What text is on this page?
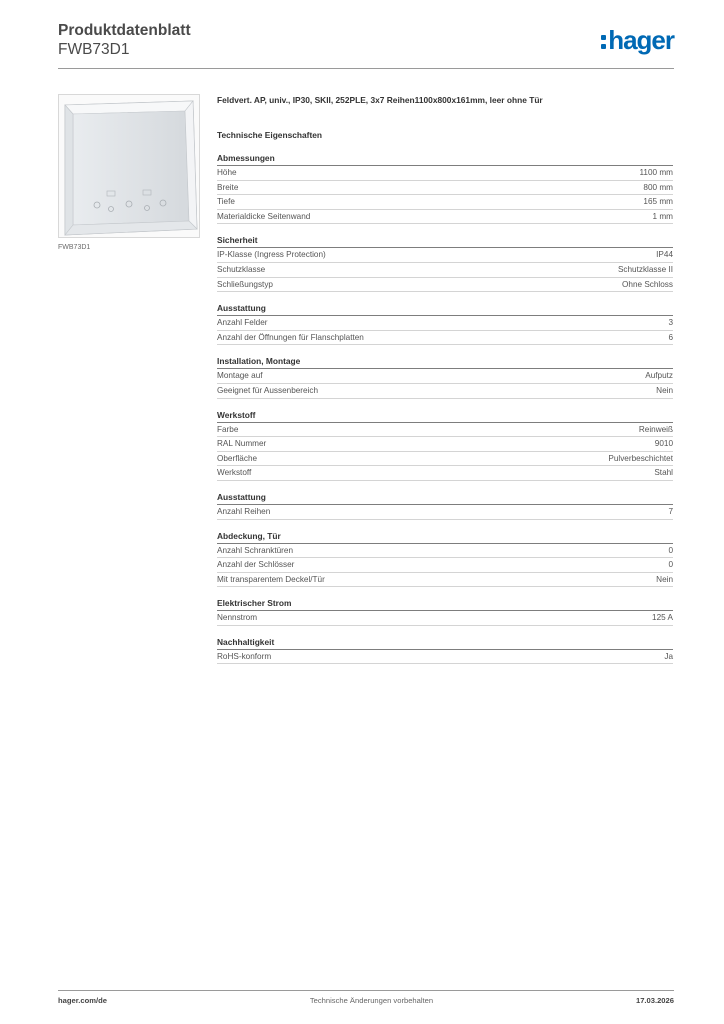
Produktdatenblatt
FWB73D1	hager
FWB73D1
Feldvert. AP, univ., IP30, SKII, 252PLE, 3x7 Reihen1100x800x161mm, leer ohne Tür
Technische Eigenschaften
Abmessungen
Höhe	1100 mm
Breite	800 mm
Tiefe	165 mm
Materialdicke Seitenwand	1 mm
Sicherheit
IP-Klasse (Ingress Protection)	IP44
Schutzklasse	Schutzklasse II
Schließungstyp	Ohne Schloss
Ausstattung
Anzahl Felder	3
Anzahl der Öffnungen für Flanschplatten	6
Installation, Montage
Montage auf	Aufputz
Geeignet für Aussenbereich	Nein
Werkstoff
Farbe	Reinweiß
RAL Nummer	9010
Oberfläche	Pulverbeschichtet
Werkstoff	Stahl
Ausstattung
Anzahl Reihen	7
Abdeckung, Tür
Anzahl Schranktüren	0
Anzahl der Schlösser	0
Mit transparentem Deckel/Tür	Nein
Elektrischer Strom
Nennstrom	125 A
Nachhaltigkeit
RoHS-konform	Ja
hager.com/de	Technische Änderungen vorbehalten	17.03.2026
